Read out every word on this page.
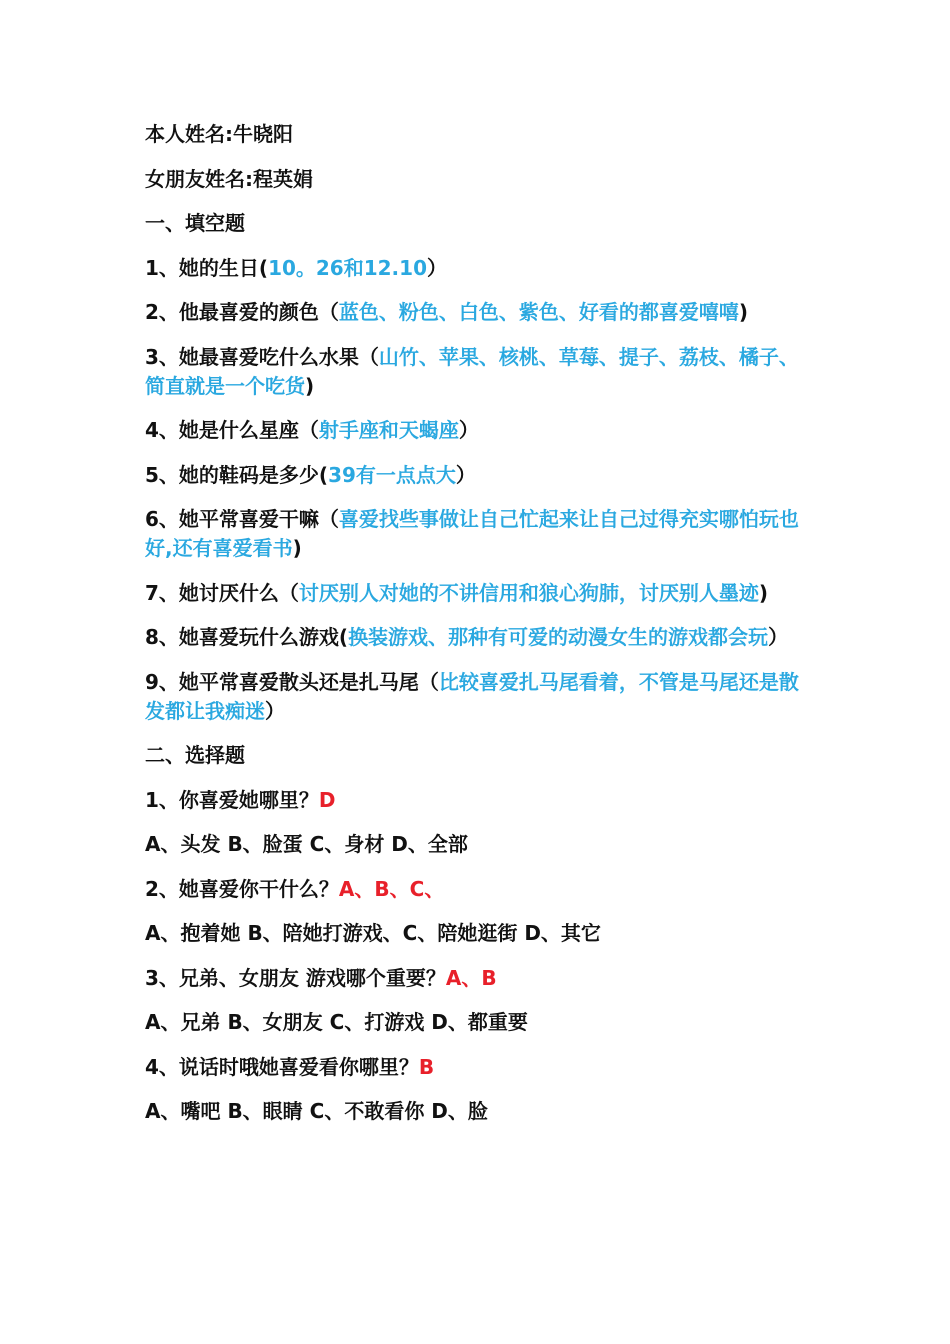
本人姓名:牛晓阳
女朋友姓名:程英娟
一、填空题
1、她的生日(10。26和12.10）
2、他最喜爱的颜色（蓝色、粉色、白色、紫色、好看的都喜爱嘻嘻)
3、她最喜爱吃什么水果（山竹、苹果、核桃、草莓、提子、荔枝、橘子、简直就是一个吃货)
4、她是什么星座（射手座和天蝎座）
5、她的鞋码是多少(39有一点点大）
6、她平常喜爱干嘛（喜爱找些事做让自己忙起来让自己过得充实哪怕玩也好,还有喜爱看书)
7、她讨厌什么（讨厌别人对她的不讲信用和狼心狗肺，讨厌别人墨迹)
8、她喜爱玩什么游戏(换装游戏、那种有可爱的动漫女生的游戏都会玩）
9、她平常喜爱散头还是扎马尾（比较喜爱扎马尾看着，不管是马尾还是散发都让我痴迷）
二、选择题
1、你喜爱她哪里？D
A、头发 B、脸蛋 C、身材 D、全部
2、她喜爱你干什么？A、B、C、
A、抱着她 B、陪她打游戏、C、陪她逛街 D、其它
3、兄弟、女朋友 游戏哪个重要？A、B
A、兄弟 B、女朋友 C、打游戏 D、都重要
4、说话时哦她喜爱看你哪里？B
A、嘴吧 B、眼睛 C、不敢看你 D、脸
